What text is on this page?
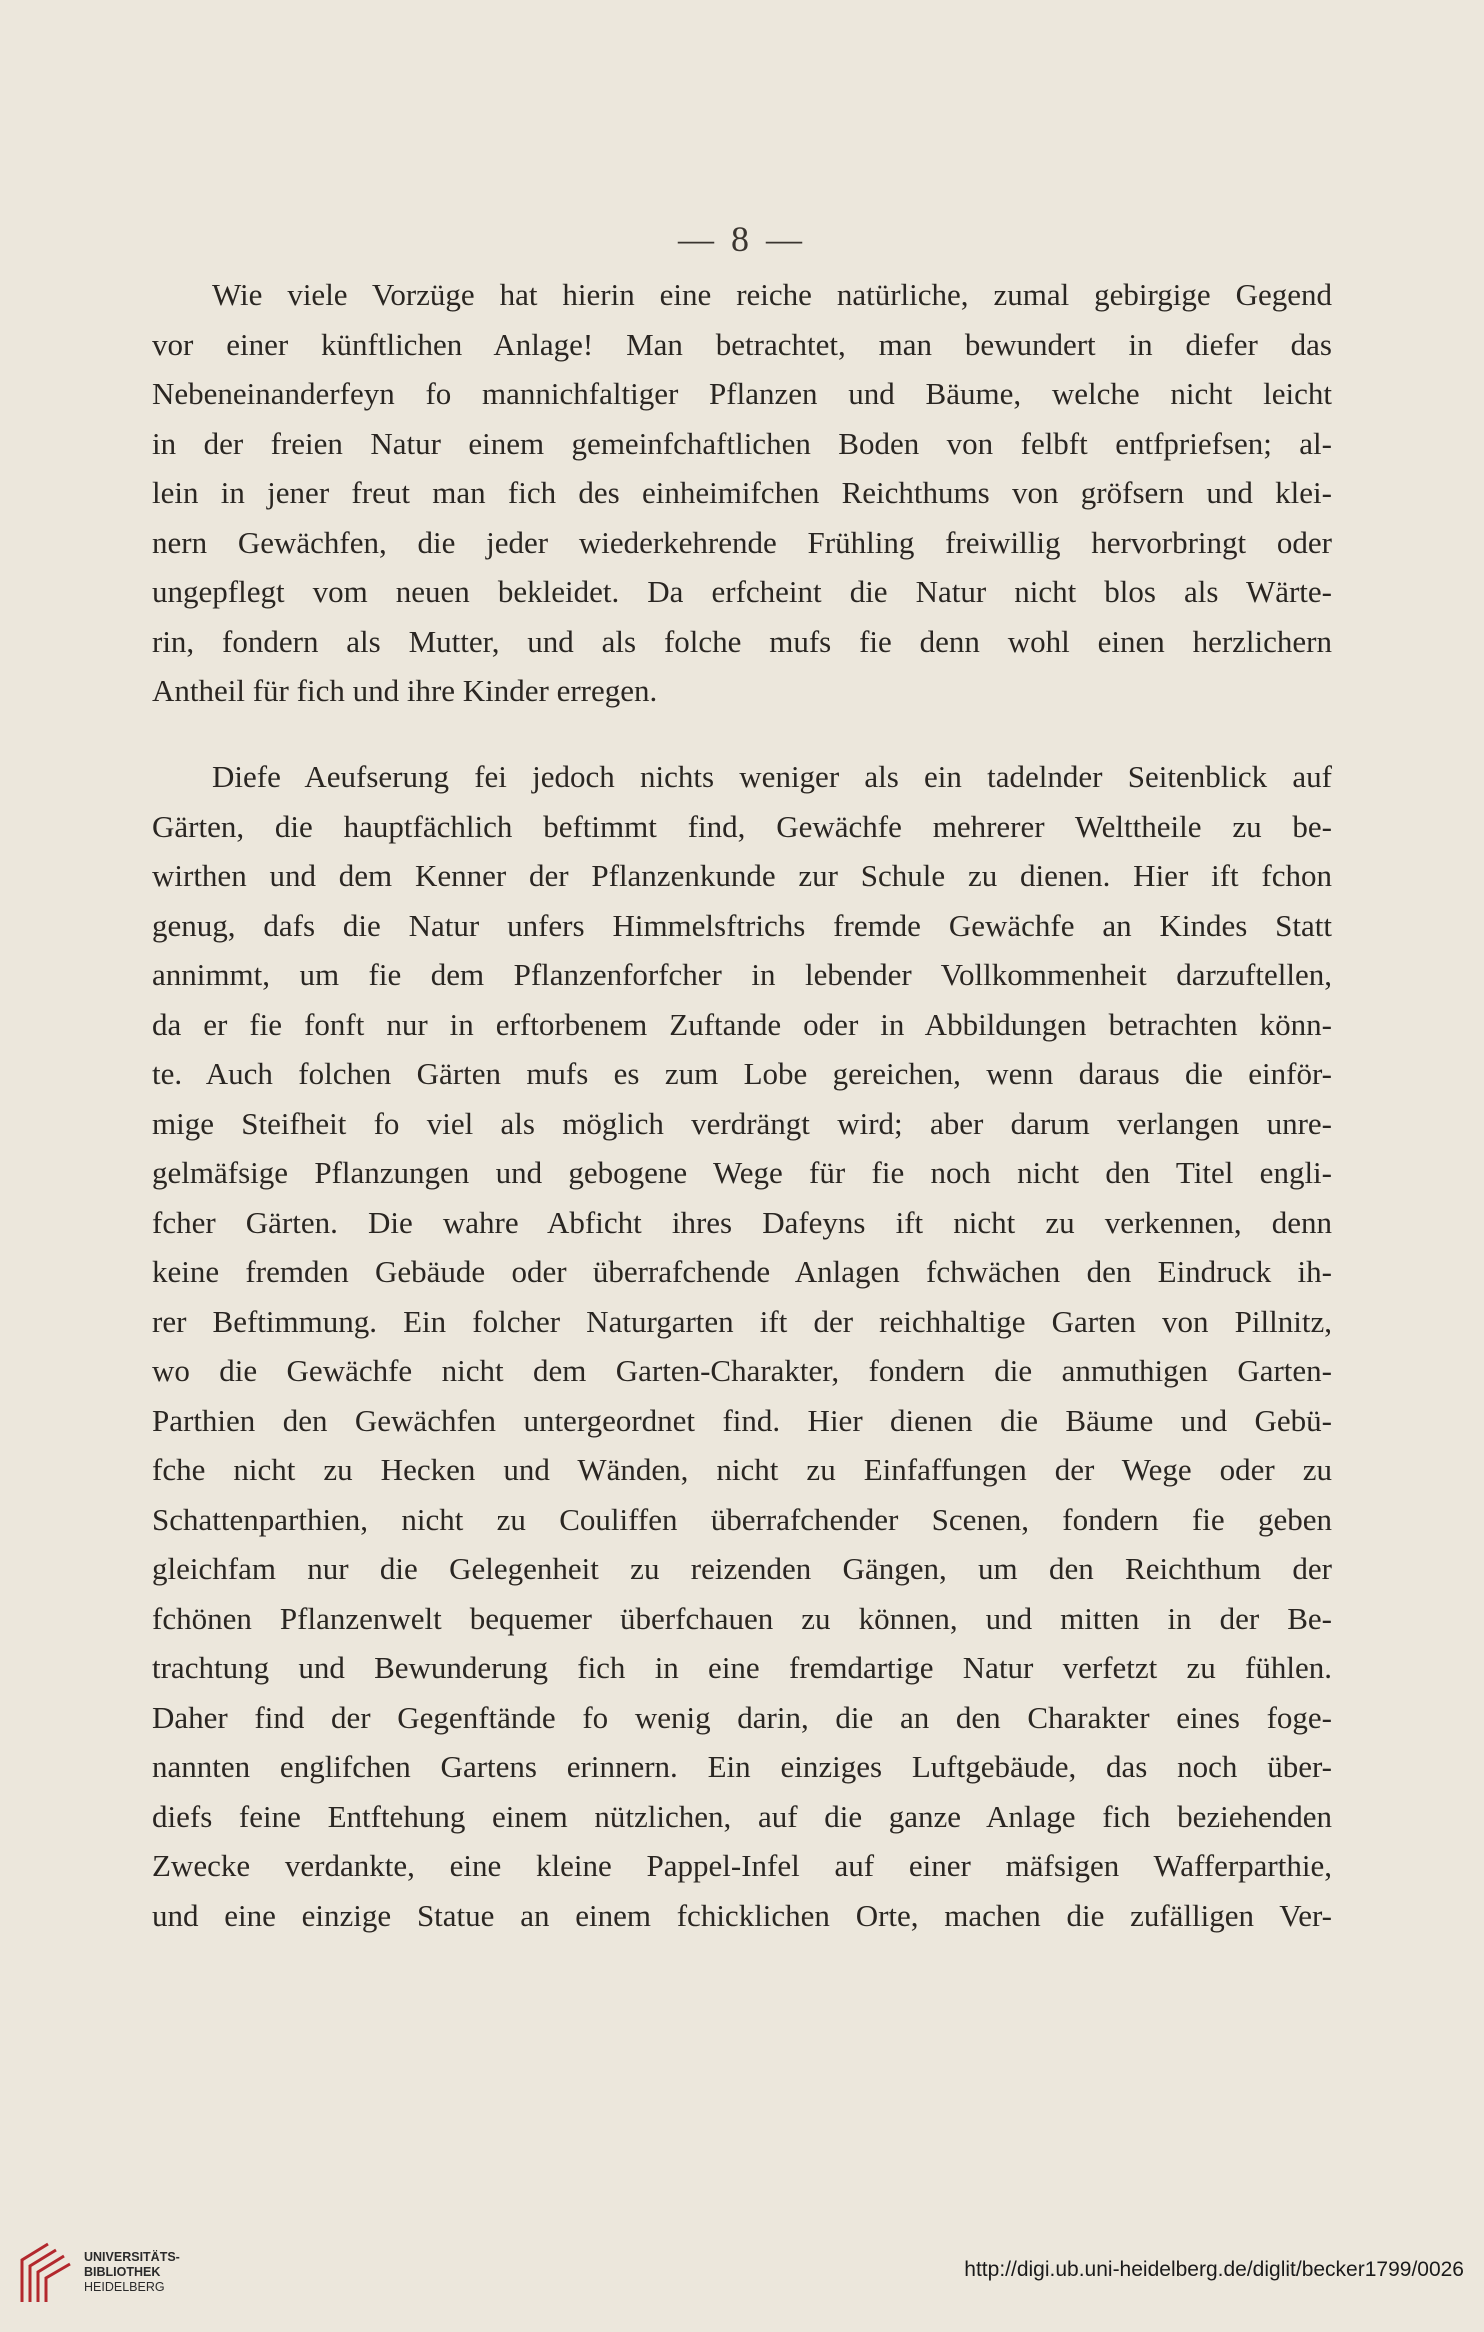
— 8 —
Wie viele Vorzüge hat hierin eine reiche natürliche, zumal gebirgige Gegend
vor einer künftlichen Anlage! Man betrachtet, man bewundert in diefer das
Nebeneinanderfeyn fo mannichfaltiger Pflanzen und Bäume, welche nicht leicht
in der freien Natur einem gemeinfchaftlichen Boden von felbft entfpriefsen; al-
lein in jener freut man fich des einheimifchen Reichthums von gröfsern und klei-
nern Gewächfen, die jeder wiederkehrende Frühling freiwillig hervorbringt oder
ungepflegt vom neuen bekleidet. Da erfcheint die Natur nicht blos als Wärte-
rin, fondern als Mutter, und als folche mufs fie denn wohl einen herzlichern
Antheil für fich und ihre Kinder erregen.
Diefe Aeufserung fei jedoch nichts weniger als ein tadelnder Seitenblick auf
Gärten, die hauptfächlich beftimmt find, Gewächfe mehrerer Welttheile zu be-
wirthen und dem Kenner der Pflanzenkunde zur Schule zu dienen. Hier ift fchon
genug, dafs die Natur unfers Himmelsftrichs fremde Gewächfe an Kindes Statt
annimmt, um fie dem Pflanzenforfcher in lebender Vollkommenheit darzuftellen,
da er fie fonft nur in erftorbenem Zuftande oder in Abbildungen betrachten könn-
te. Auch folchen Gärten mufs es zum Lobe gereichen, wenn daraus die einför-
mige Steifheit fo viel als möglich verdrängt wird; aber darum verlangen unre-
gelmäfsige Pflanzungen und gebogene Wege für fie noch nicht den Titel engli-
fcher Gärten. Die wahre Abficht ihres Dafeyns ift nicht zu verkennen, denn
keine fremden Gebäude oder überrafchende Anlagen fchwächen den Eindruck ih-
rer Beftimmung. Ein folcher Naturgarten ift der reichhaltige Garten von Pillnitz,
wo die Gewächfe nicht dem Garten-Charakter, fondern die anmuthigen Garten-
Parthien den Gewächfen untergeordnet find. Hier dienen die Bäume und Gebü-
fche nicht zu Hecken und Wänden, nicht zu Einfaffungen der Wege oder zu
Schattenparthien, nicht zu Couliffen überrafchender Scenen, fondern fie geben
gleichfam nur die Gelegenheit zu reizenden Gängen, um den Reichthum der
fchönen Pflanzenwelt bequemer überfchauen zu können, und mitten in der Be-
trachtung und Bewunderung fich in eine fremdartige Natur verfetzt zu fühlen.
Daher find der Gegenftände fo wenig darin, die an den Charakter eines foge-
nannten englifchen Gartens erinnern. Ein einziges Luftgebäude, das noch über-
diefs feine Entftehung einem nützlichen, auf die ganze Anlage fich beziehenden
Zwecke verdankte, eine kleine Pappel-Infel auf einer mäfsigen Wafferparthie,
und eine einzige Statue an einem fchicklichen Orte, machen die zufälligen Ver-
UNIVERSITÄTS-
BIBLIOTHEK
HEIDELBERG
http://digi.ub.uni-heidelberg.de/diglit/becker1799/0026
